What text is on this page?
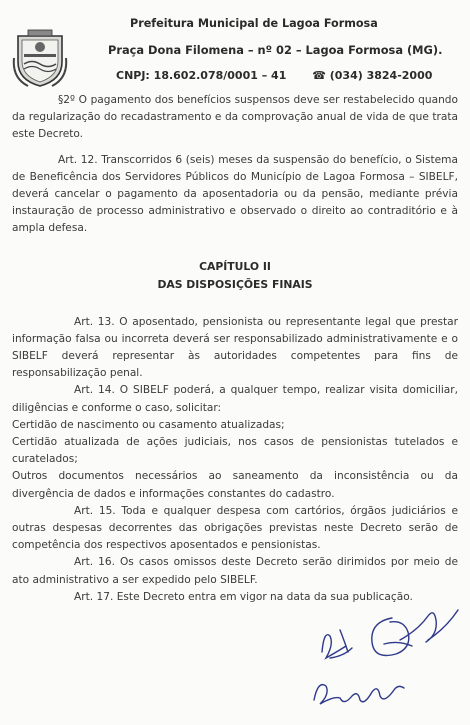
Prefeitura Municipal de Lagoa Formosa
Praça Dona Filomena – nº 02 – Lagoa Formosa (MG).
CNPJ: 18.602.078/0001 – 41 ☎ (034) 3824-2000

§2º O pagamento dos benefícios suspensos deve ser restabelecido quando da regularização do recadastramento e da comprovação anual de vida de que trata este Decreto.

Art. 12. Transcorridos 6 (seis) meses da suspensão do benefício, o Sistema de Beneficência dos Servidores Públicos do Município de Lagoa Formosa – SIBELF, deverá cancelar o pagamento da aposentadoria ou da pensão, mediante prévia instauração de processo administrativo e observado o direito ao contraditório e à ampla defesa.

CAPÍTULO II
DAS DISPOSIÇÕES FINAIS

Art. 13. O aposentado, pensionista ou representante legal que prestar informação falsa ou incorreta deverá ser responsabilizado administrativamente e o SIBELF deverá representar às autoridades competentes para fins de responsabilização penal.

Art. 14. O SIBELF poderá, a qualquer tempo, realizar visita domiciliar, diligências e conforme o caso, solicitar:

Certidão de nascimento ou casamento atualizadas;

Certidão atualizada de ações judiciais, nos casos de pensionistas tutelados e curatelados;

Outros documentos necessários ao saneamento da inconsistência ou da divergência de dados e informações constantes do cadastro.

Art. 15. Toda e qualquer despesa com cartórios, órgãos judiciários e outras despesas decorrentes das obrigações previstas neste Decreto serão de competência dos respectivos aposentados e pensionistas.

Art. 16. Os casos omissos deste Decreto serão dirimidos por meio de ato administrativo a ser expedido pelo SIBELF.

Art. 17. Este Decreto entra em vigor na data da sua publicação.
